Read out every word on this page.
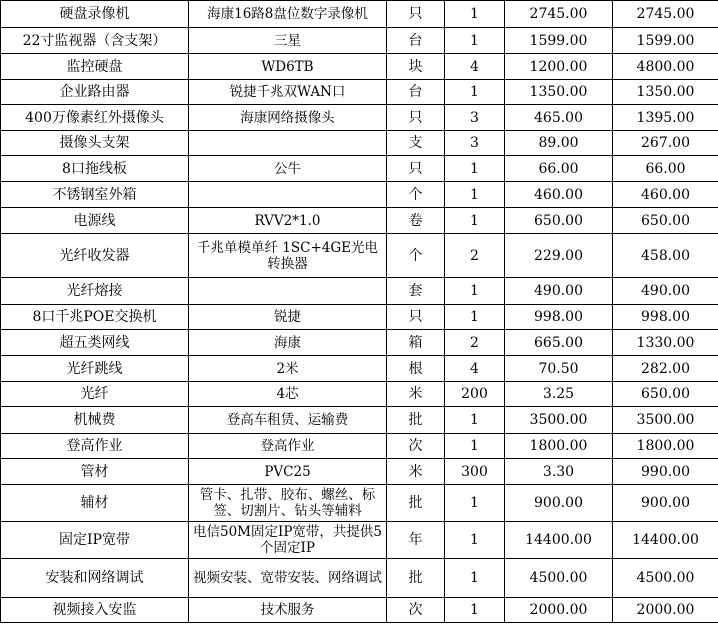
硬盘录像机	海康16路8盘位数字录像机	只	1	2745.00	2745.00
22寸监视器（含支架）	三星	台	1	1599.00	1599.00
监控硬盘	WD6TB	块	4	1200.00	4800.00
企业路由器	锐捷千兆双WAN口	台	1	1350.00	1350.00
400万像素红外摄像头	海康网络摄像头	只	3	465.00	1395.00
摄像头支架		支	3	89.00	267.00
8口拖线板	公牛	只	1	66.00	66.00
不锈钢室外箱		个	1	460.00	460.00
电源线	RVV2*1.0	卷	1	650.00	650.00
光纤收发器	千兆单模单纤 1SC+4GE光电转换器	个	2	229.00	458.00
光纤熔接		套	1	490.00	490.00
8口千兆POE交换机	锐捷	只	1	998.00	998.00
超五类网线	海康	箱	2	665.00	1330.00
光纤跳线	2米	根	4	70.50	282.00
光纤	4芯	米	200	3.25	650.00
机械费	登高车租赁、运输费	批	1	3500.00	3500.00
登高作业	登高作业	次	1	1800.00	1800.00
管材	PVC25	米	300	3.30	990.00
辅材	管卡、扎带、胶布、螺丝、标签、切割片、钻头等辅料	批	1	900.00	900.00
固定IP宽带	电信50M固定IP宽带，共提供5个固定IP	年	1	14400.00	14400.00
安装和网络调试	视频安装、宽带安装、网络调试	批	1	4500.00	4500.00
视频接入安监	技术服务	次	1	2000.00	2000.00
